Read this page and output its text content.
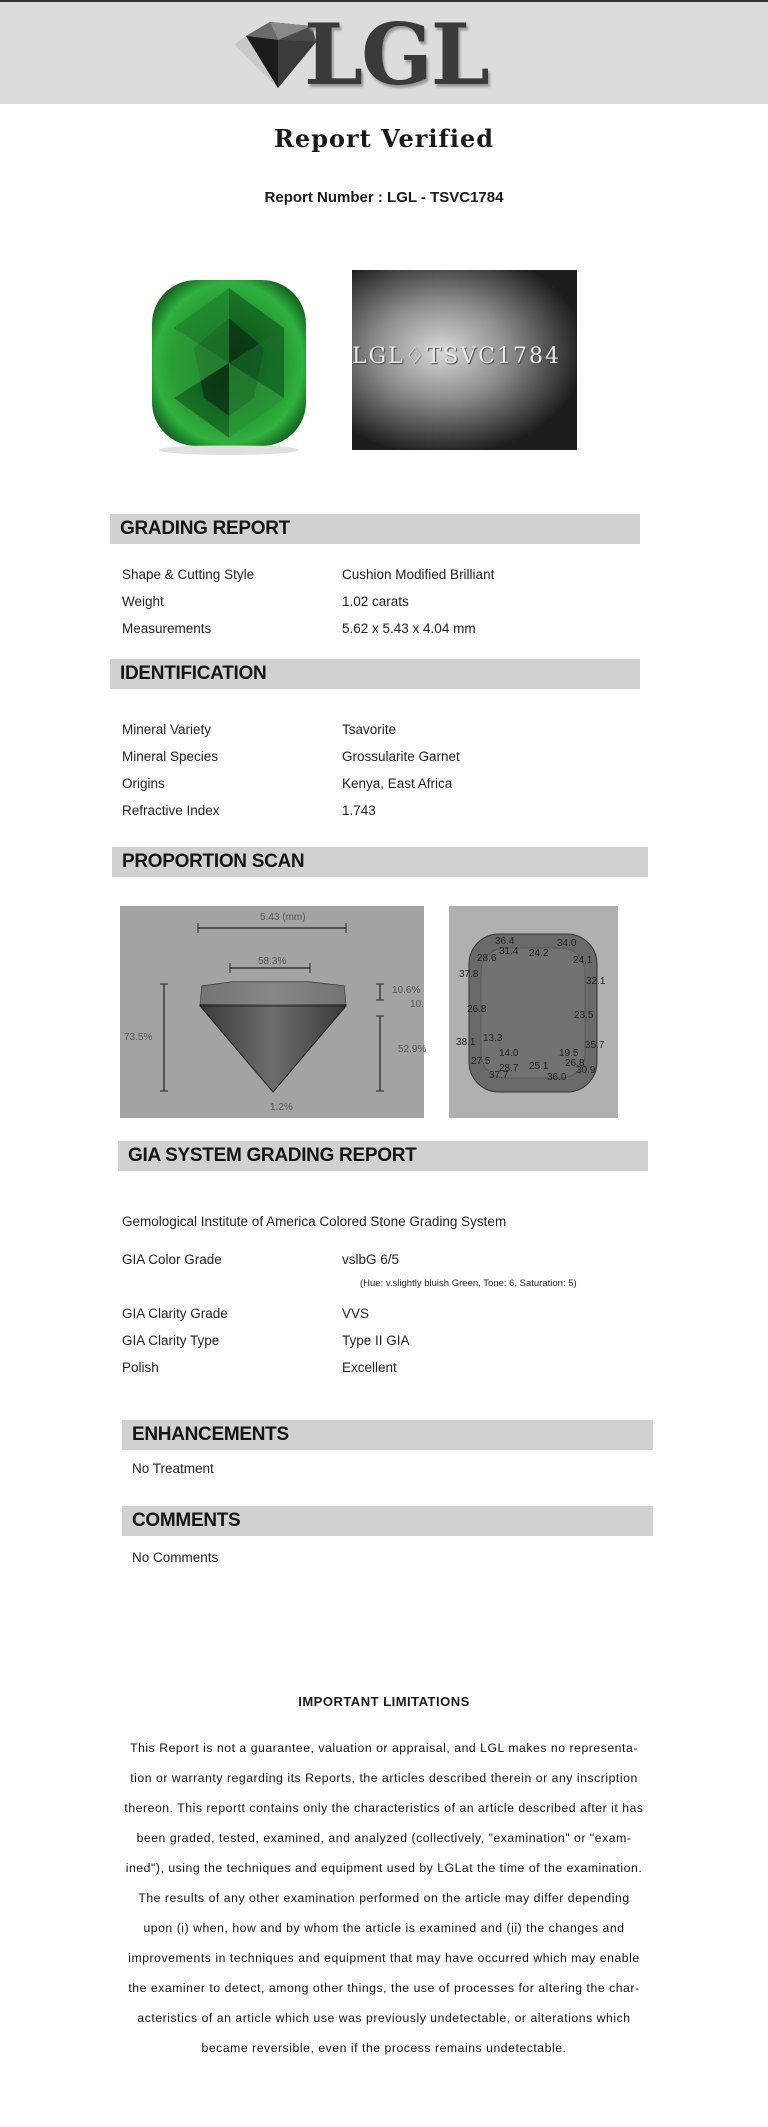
LGL
Report Verified
Report Number : LGL - TSVC1784
LGL♢TSVC1784
GRADING REPORT
Shape & Cutting Style	Cushion Modified Brilliant
Weight	1.02 carats
Measurements	5.62 x 5.43 x 4.04 mm
IDENTIFICATION
Mineral Variety	Tsavorite
Mineral Species	Grossularite Garnet
Origins	Kenya, East Africa
Refractive Index	1.743
PROPORTION SCAN
5.43 (mm)
58.3%
73.5%
10.6%
10.
52.9%
1.2%
36.4	34.0
31.4 24.2
28.6	24.1
37.8
32.1
26.8
23.5
13.3
38.1	35.7
14.0	19.5
27.5	26.8
28.7 25.1	30.9
37.7	36.0
GIA SYSTEM GRADING REPORT
Gemological Institute of America Colored Stone Grading System
GIA Color Grade	vslbG 6/5
(Hue: v.slightly bluish Green, Tone: 6, Saturation: 5)
GIA Clarity Grade	VVS
GIA Clarity Type	Type II GIA
Polish	Excellent
ENHANCEMENTS
No Treatment
COMMENTS
No Comments
IMPORTANT LIMITATIONS
This Report is not a guarantee, valuation or appraisal, and LGL makes no representa-
tion or warranty regarding its Reports, the articles described therein or any inscription
thereon. This reportt contains only the characteristics of an article described after it has
been graded, tested, examined, and analyzed (collectively, "examination" or "exam-
ined"), using the techniques and equipment used by LGLat the time of the examination.
The results of any other examination performed on the article may differ depending
upon (i) when, how and by whom the article is examined and (ii) the changes and
improvements in techniques and equipment that may have occurred which may enable
the examiner to detect, among other things, the use of processes for altering the char-
acteristics of an article which use was previously undetectable, or alterations which
became reversible, even if the process remains undetectable.
